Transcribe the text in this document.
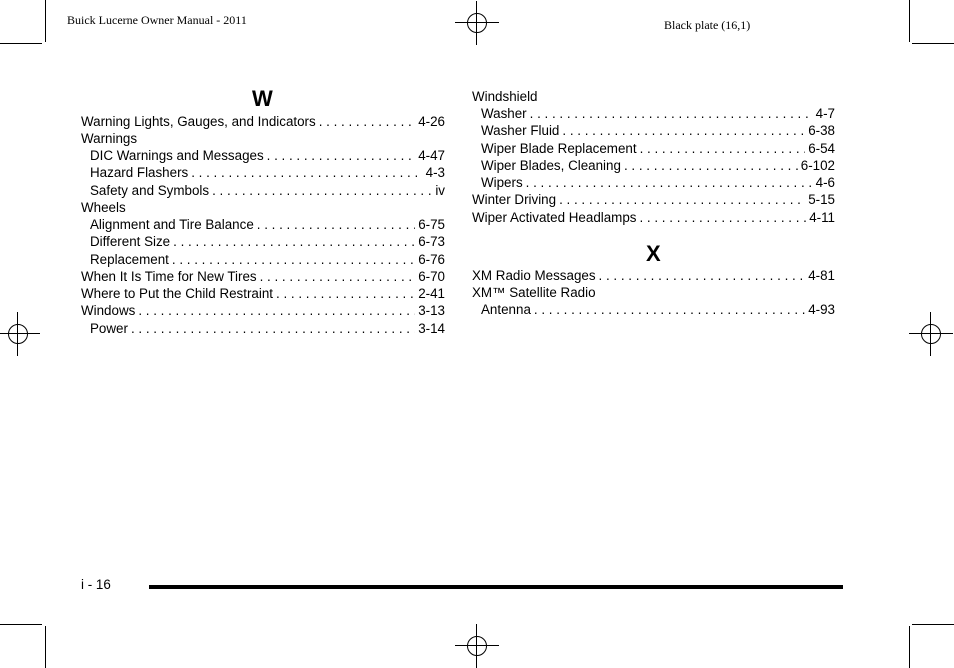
Buick Lucerne Owner Manual - 2011	Black plate (16,1)
W
Warning Lights, Gauges, and Indicators . . .	4-26
Warnings
DIC Warnings and Messages . . .	4-47
Hazard Flashers . . .	4-3
Safety and Symbols . . .	iv
Wheels
Alignment and Tire Balance . . .	6-75
Different Size . . .	6-73
Replacement . . .	6-76
When It Is Time for New Tires . . .	6-70
Where to Put the Child Restraint . . .	2-41
Windows . . .	3-13
Power . . .	3-14
Windshield
Washer . . .	4-7
Washer Fluid . . .	6-38
Wiper Blade Replacement . . .	6-54
Wiper Blades, Cleaning . . .	6-102
Wipers . . .	4-6
Winter Driving . . .	5-15
Wiper Activated Headlamps . . .	4-11
X
XM Radio Messages . . .	4-81
XM™ Satellite Radio
Antenna . . .	4-93
i - 16
